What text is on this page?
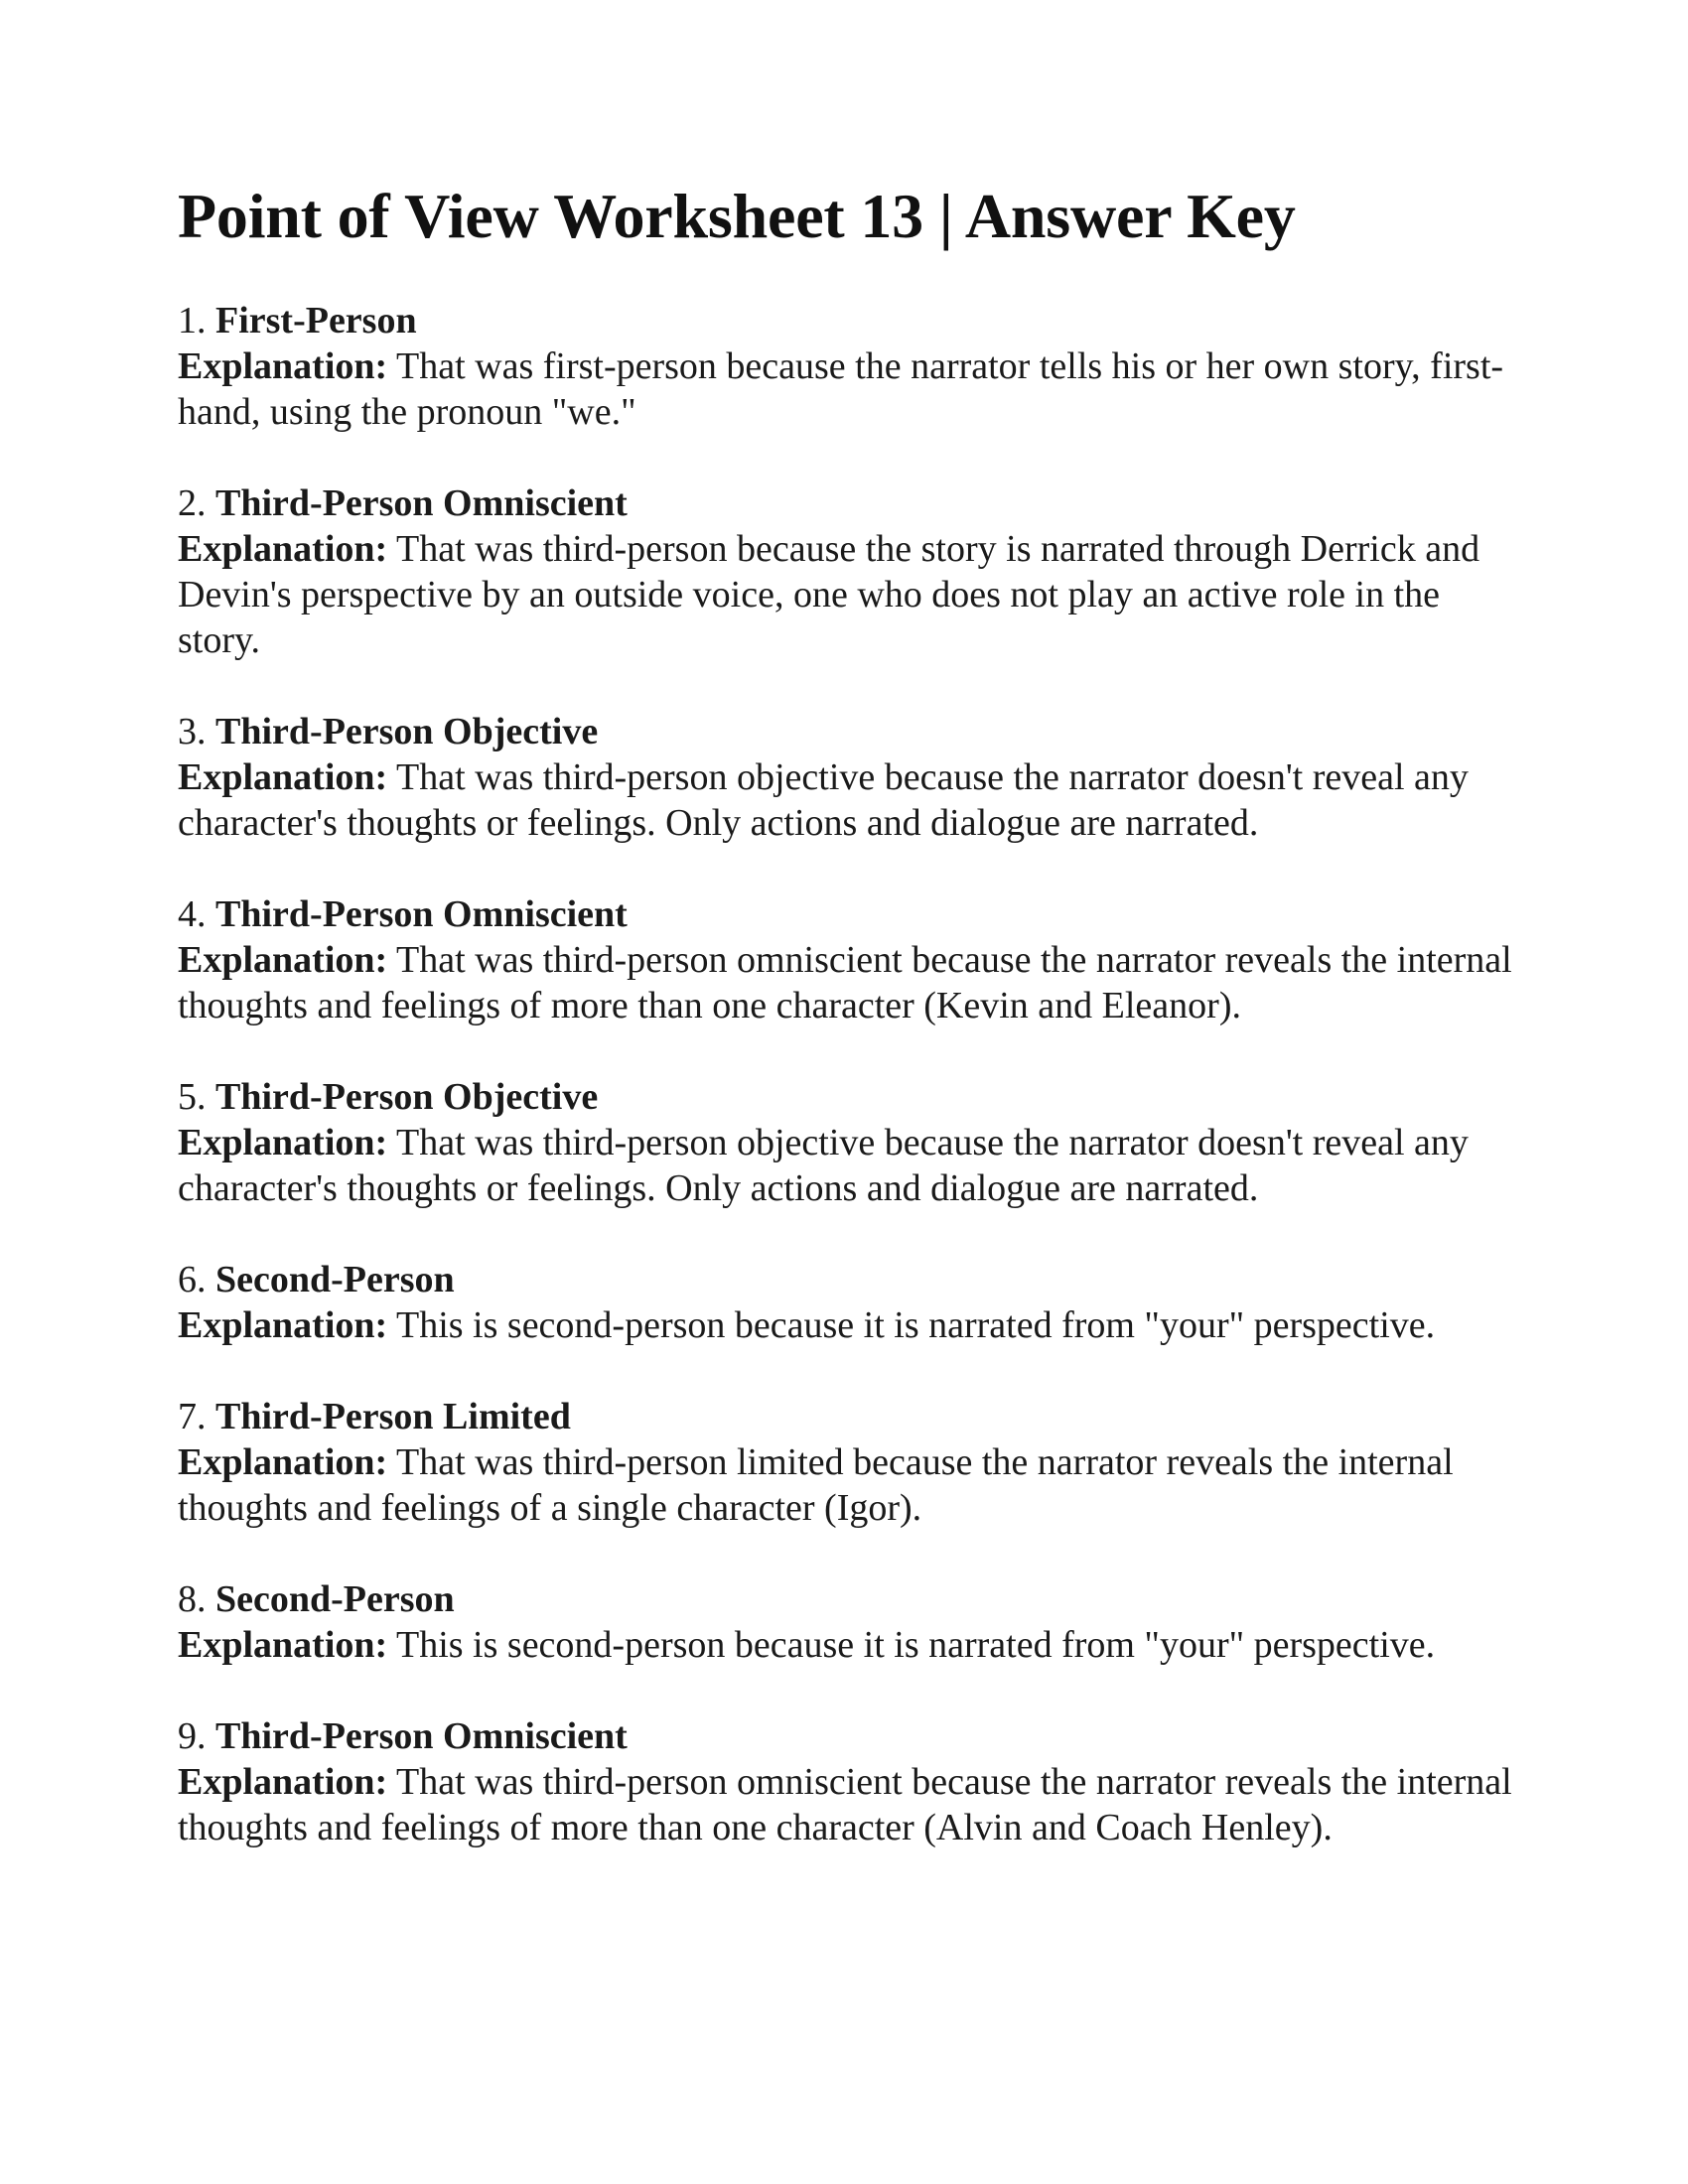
Point of View Worksheet 13 | Answer Key
1. First-Person
Explanation: That was first-person because the narrator tells his or her own story, first-hand, using the pronoun "we."
2. Third-Person Omniscient
Explanation: That was third-person because the story is narrated through Derrick and Devin's perspective by an outside voice, one who does not play an active role in the story.
3. Third-Person Objective
Explanation: That was third-person objective because the narrator doesn't reveal any character's thoughts or feelings. Only actions and dialogue are narrated.
4. Third-Person Omniscient
Explanation: That was third-person omniscient because the narrator reveals the internal thoughts and feelings of more than one character (Kevin and Eleanor).
5. Third-Person Objective
Explanation: That was third-person objective because the narrator doesn't reveal any character's thoughts or feelings. Only actions and dialogue are narrated.
6. Second-Person
Explanation: This is second-person because it is narrated from "your" perspective.
7. Third-Person Limited
Explanation: That was third-person limited because the narrator reveals the internal thoughts and feelings of a single character (Igor).
8. Second-Person
Explanation: This is second-person because it is narrated from "your" perspective.
9. Third-Person Omniscient
Explanation: That was third-person omniscient because the narrator reveals the internal thoughts and feelings of more than one character (Alvin and Coach Henley).
